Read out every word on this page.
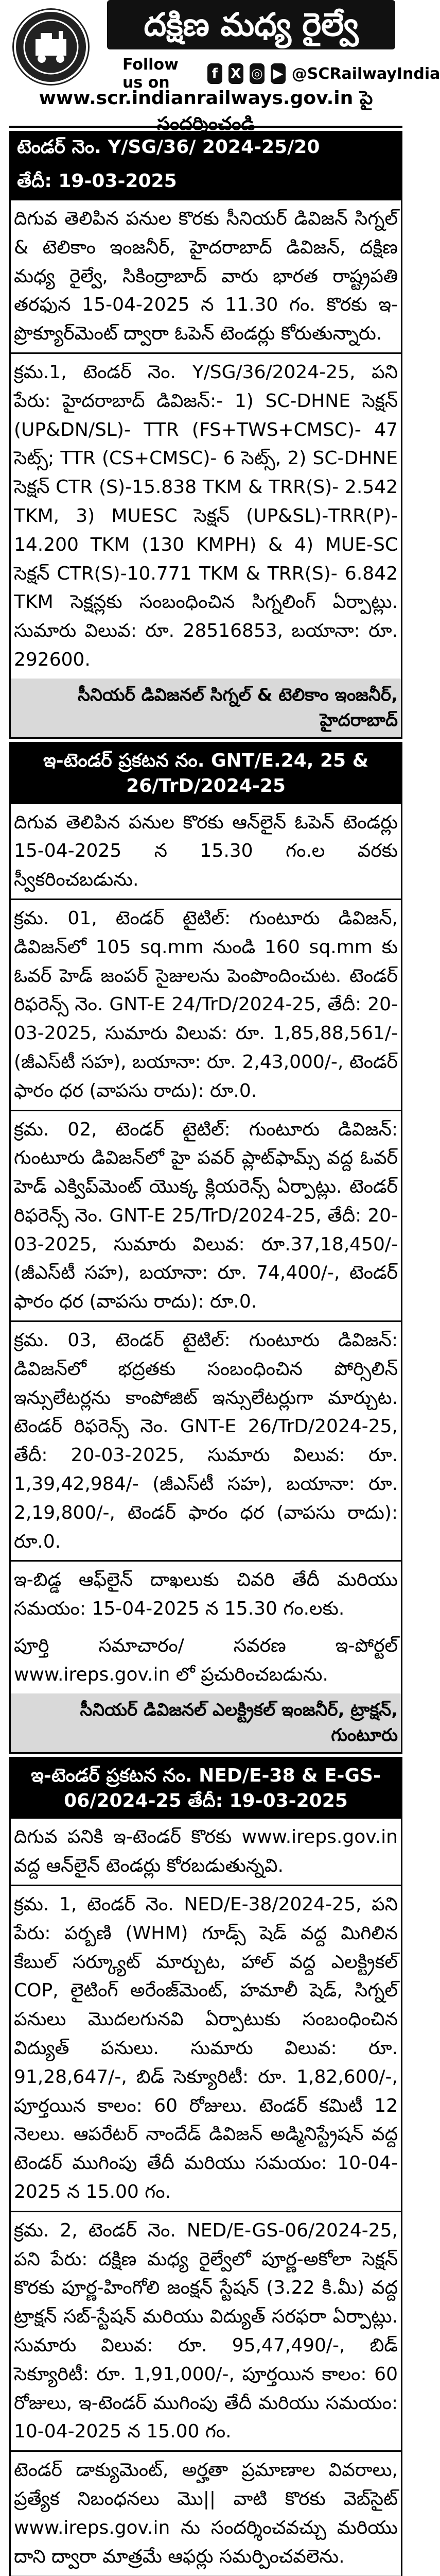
దక్షిణ మధ్య రైల్వే
Follow us on	f X ◎ ▶ @SCRailwayIndia
www.scr.indianrailways.gov.in పై సందర్శించండి
టెండర్ నెం. Y/SG/36/ 2024-25/20
తేదీ: 19-03-2025
దిగువ తెలిపిన పనుల కొరకు సీనియర్ డివిజన్ సిగ్నల్ & టెలికాం ఇంజనీర్, హైదరాబాద్ డివిజన్, దక్షిణ మధ్య రైల్వే, సికింద్రాబాద్ వారు భారత రాష్ట్రపతి తరఫున 15-04-2025 న 11.30 గం. కొరకు ఇ-ప్రొక్యూర్‌మెంట్ ద్వారా ఓపెన్ టెండర్లు కోరుతున్నారు.
క్రమ.1, టెండర్ నెం. Y/SG/36/2024-25, పని పేరు: హైదరాబాద్ డివిజన్:- 1) SC-DHNE సెక్షన్ (UP&DN/SL)- TTR (FS+TWS+CMSC)- 47 సెట్స్; TTR (CS+CMSC)- 6 సెట్స్, 2) SC-DHNE సెక్షన్ CTR (S)-15.838 TKM & TRR(S)- 2.542 TKM, 3) MUESC సెక్షన్ (UP&SL)-TRR(P)- 14.200 TKM (130 KMPH) & 4) MUE-SC సెక్షన్ CTR(S)-10.771 TKM & TRR(S)- 6.842 TKM సెక్షన్లకు సంబంధించిన సిగ్నలింగ్ ఏర్పాట్లు. సుమారు విలువ: రూ. 28516853, బయానా: రూ. 292600.
సీనియర్ డివిజనల్ సిగ్నల్ & టెలికాం ఇంజనీర్, హైదరాబాద్
ఇ-టెండర్ ప్రకటన నం. GNT/E.24, 25 & 26/TrD/2024-25
దిగువ తెలిపిన పనుల కొరకు ఆన్‌లైన్ ఓపెన్ టెండర్లు 15-04-2025 న 15.30 గం.ల వరకు స్వీకరించబడును.
క్రమ. 01, టెండర్ టైటిల్: గుంటూరు డివిజన్, డివిజన్‌లో 105 sq.mm నుండి 160 sq.mm కు ఓవర్ హెడ్ జంపర్ సైజులను పెంపొందించుట. టెండర్ రిఫరెన్స్ నెం. GNT-E 24/TrD/2024-25, తేదీ: 20-03-2025, సుమారు విలువ: రూ. 1,85,88,561/- (జీఎస్‌టీ సహ), బయానా: రూ. 2,43,000/-, టెండర్ ఫారం ధర (వాపసు రాదు): రూ.0.
క్రమ. 02, టెండర్ టైటిల్: గుంటూరు డివిజన్: గుంటూరు డివిజన్‌లో హై పవర్ ప్లాట్‌ఫామ్స్ వద్ద ఓవర్ హెడ్ ఎక్విప్‌మెంట్ యొక్క క్లియరెన్స్ ఏర్పాట్లు. టెండర్ రిఫరెన్స్ నెం. GNT-E 25/TrD/2024-25, తేదీ: 20-03-2025, సుమారు విలువ: రూ.37,18,450/- (జీఎస్‌టీ సహ), బయానా: రూ. 74,400/-, టెండర్ ఫారం ధర (వాపసు రాదు): రూ.0.
క్రమ. 03, టెండర్ టైటిల్: గుంటూరు డివిజన్: డివిజన్‌లో భద్రతకు సంబంధించిన పోర్సిలిన్ ఇన్సులేటర్లను కాంపోజిట్ ఇన్సులేటర్లుగా మార్చుట. టెండర్ రిఫరెన్స్ నెం. GNT-E 26/TrD/2024-25, తేదీ: 20-03-2025, సుమారు విలువ: రూ. 1,39,42,984/- (జీఎస్‌టీ సహ), బయానా: రూ. 2,19,800/-, టెండర్ ఫారం ధర (వాపసు రాదు): రూ.0.
ఇ-బిడ్డ ఆఫ్‌లైన్ దాఖలుకు చివరి తేదీ మరియు సమయం: 15-04-2025 న 15.30 గం.లకు.
పూర్తి సమాచారం/ సవరణ ఇ-పోర్టల్ www.ireps.gov.in లో ప్రచురించబడును.
సీనియర్ డివిజనల్ ఎలక్ట్రికల్ ఇంజనీర్, ట్రాక్షన్, గుంటూరు
ఇ-టెండర్ ప్రకటన నం. NED/E-38 & E-GS-06/2024-25 తేదీ: 19-03-2025
దిగువ పనికి ఇ-టెండర్ కొరకు www.ireps.gov.in వద్ద ఆన్‌లైన్ టెండర్లు కోరబడుతున్నవి.
క్రమ. 1, టెండర్ నెం. NED/E-38/2024-25, పని పేరు: పర్బణి (WHM) గూడ్స్ షెడ్ వద్ద మిగిలిన కేబుల్ సర్క్యూట్ మార్చుట, హాల్ వద్ద ఎలక్ట్రికల్ COP, లైటింగ్ అరేంజ్‌మెంట్, హమాలీ షెడ్, సిగ్నల్ పనులు మొదలగునవి ఏర్పాటుకు సంబంధించిన విద్యుత్ పనులు. సుమారు విలువ: రూ. 91,28,647/-, బిడ్ సెక్యూరిటీ: రూ. 1,82,600/-, పూర్తయిన కాలం: 60 రోజులు. టెండర్ కమిటీ 12 నెలలు. ఆపరేటర్ నాందేడ్ డివిజన్ అడ్మినిస్ట్రేషన్ వద్ద టెండర్ ముగింపు తేదీ మరియు సమయం: 10-04-2025 న 15.00 గం.
క్రమ. 2, టెండర్ నెం. NED/E-GS-06/2024-25, పని పేరు: దక్షిణ మధ్య రైల్వేలో పూర్ణ-అకోలా సెక్షన్ కొరకు పూర్ణ-హింగోలి జంక్షన్ స్టేషన్ (3.22 కి.మీ) వద్ద ట్రాక్షన్ సబ్-స్టేషన్ మరియు విద్యుత్ సరఫరా ఏర్పాట్లు. సుమారు విలువ: రూ. 95,47,490/-, బిడ్ సెక్యూరిటీ: రూ. 1,91,000/-, పూర్తయిన కాలం: 60 రోజులు, ఇ-టెండర్ ముగింపు తేదీ మరియు సమయం: 10-04-2025 న 15.00 గం.
టెండర్ డాక్యుమెంట్, అర్హతా ప్రమాణాల వివరాలు, ప్రత్యేక నిబంధనలు మొ|| వాటి కొరకు వెబ్‌సైట్ www.ireps.gov.in ను సందర్శించవచ్చు మరియు దాని ద్వారా మాత్రమే ఆఫర్లు సమర్పించవలెను.
